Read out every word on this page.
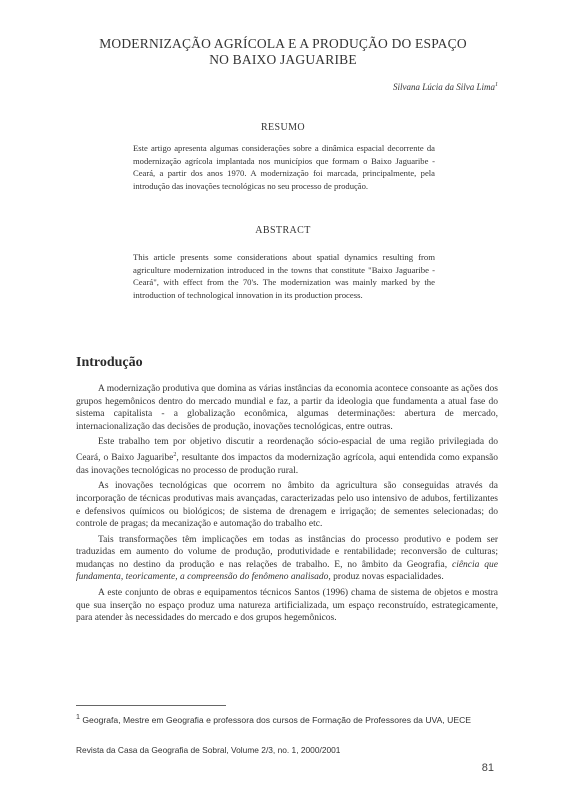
MODERNIZAÇÃO AGRÍCOLA E A PRODUÇÃO DO ESPAÇO
NO BAIXO JAGUARIBE
Silvana Lúcia da Silva Lima$^1$
RESUMO

Este artigo apresenta algumas considerações sobre a dinâmica espacial decorrente da modernização agrícola implantada nos municípios que formam o Baixo Jaguaribe - Ceará, a partir dos anos 1970. A modernização foi marcada, principalmente, pela introdução das inovações tecnológicas no seu processo de produção.

ABSTRACT

This article presents some considerations about spatial dynamics resulting from agriculture modernization introduced in the towns that constitute "Baixo Jaguaribe - Ceará", with effect from the 70's. The modernization was mainly marked by the introduction of technological innovation in its production process.

Introdução

A modernização produtiva que domina as várias instâncias da economia acontece consoante as ações dos grupos hegemônicos dentro do mercado mundial e faz, a partir da ideologia que fundamenta a atual fase do sistema capitalista - a globalização econômica, algumas determinações: abertura de mercado, internacionalização das decisões de produção, inovações tecnológicas, entre outras.

Este trabalho tem por objetivo discutir a reordenação sócio-espacial de uma região privilegiada do Ceará, o Baixo Jaguaribe$^2$, resultante dos impactos da modernização agrícola, aqui entendida como expansão das inovações tecnológicas no processo de produção rural.

As inovações tecnológicas que ocorrem no âmbito da agricultura são conseguidas através da incorporação de técnicas produtivas mais avançadas, caracterizadas pelo uso intensivo de adubos, fertilizantes e defensivos químicos ou biológicos; de sistema de drenagem e irrigação; de sementes selecionadas; do controle de pragas; da mecanização e automação do trabalho etc.

Tais transformações têm implicações em todas as instâncias do processo produtivo e podem ser traduzidas em aumento do volume de produção, produtividade e rentabilidade; reconversão de culturas; mudanças no destino da produção e nas relações de trabalho. E, no âmbito da Geografia, ciência que fundamenta, teoricamente, a compreensão do fenômeno analisado, produz novas espacialidades.

A este conjunto de obras e equipamentos técnicos Santos (1996) chama de sistema de objetos e mostra que sua inserção no espaço produz uma natureza artificializada, um espaço reconstruído, estrategicamente, para atender às necessidades do mercado e dos grupos hegemônicos.

$^1$ Geografa, Mestre em Geografia e professora dos cursos de Formação de Professores da UVA, UECE

Revista da Casa da Geografia de Sobral, Volume 2/3, no. 1, 2000/2001
81
